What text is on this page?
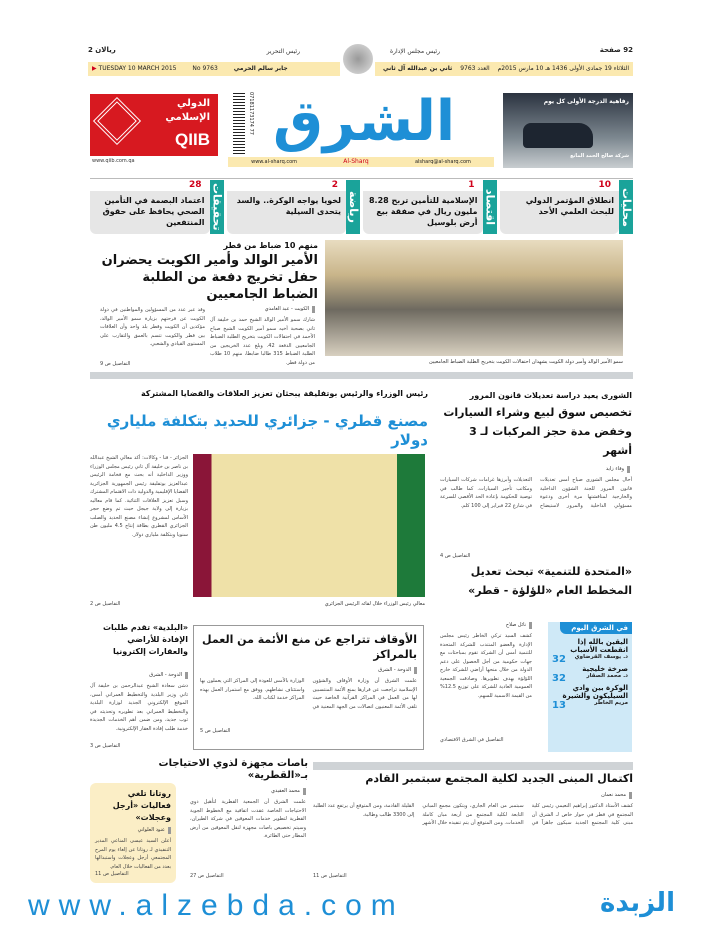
92 صفحة
ريالان 2	رئيس مجلس الإدارة
رئيس التحرير
الثلاثاء 19 جمادى الأولى 1436 هـ 10 مارس 2015م العدد 9763 ثاني بن عبدالله آل ثاني
▶ TUESDAY 10 MARCH 2015	No 9763	جابر سالم الحرمي
الدولي
الإسلامي
QIIB
www.qiib.com.qa
07181173174 77 الشرق
www.al-sharq.com	Al-Sharq	alsharq@al-sharq.com
رفاهية الدرجة الأولى كل يوم
شركة صالح الحمد المانع
محليات
10
انطلاق المؤتمر الدولي للبحث العلمي الأحد
اقتصاد
1
الإسلامية للتأمين تربح 8.28 مليون ريال في صفقة بيع أرض بلوسيل
رياضة
2
لخويا يواجه الوكرة.. والسد يتحدى السيلية
تحقيقات
28
اعتماد البصمة في التأمين الصحي يحافظ على حقوق المنتفعين
سمو الأمير الوالد وأمير دولة الكويت يشهدان احتفالات الكويت بتخريج الطلبة الضباط الجامعيين
منهم 10 ضباط من قطر
الأمير الوالد وأمير الكويت يحضران حفل تخريج دفعة من الطلبة الضباط الجامعيين
الكويت - عبد الغامدي
شارك سمو الأمير الوالد الشيخ حمد بن خليفة آل ثاني بصحبة أخيه سمو أمير الكويت الشيخ صباح الأحمد في احتفالات الكويت بتخريج الطلبة الضباط الجامعيين الدفعة 42. وبلغ عدد الخريجين من الطلبة الضباط 315 طالبا ضابطا، منهم 10 طلاب من دولة قطر.
وقد عبر عدد من المسؤولين والمواطنين في دولة الكويت عن فرحتهم بزيارة سمو الأمير الوالد، مؤكدين أن الكويت وقطر بلد واحد وأن العلاقات بين قطر والكويت تتسم بالعمق والتقارب على المستوى القيادي والشعبي.
التفاصيل ص 9
الشورى يعيد دراسة تعديلات قانون المرور
تخصيص سوق لبيع وشراء السيارات وخفض مدة حجز المركبات لـ 3 أشهر
وفاء زايد
أحال مجلس الشورى صباح أمس تعديلات قانون المرور للجنة الشؤون الداخلية والخارجية لمناقشتها مرة أخرى ودعوة مسؤولي الداخلية والمرور لاستيضاح التعديلات وأبرزها غرامات شركات السيارات ومكاتب تأجير السيارات. كما طالب في توصية للحكومة بإعادة الحد الأقصى للسرعة في شارع 22 فبراير إلى 100 كلم.
التفاصيل ص 4
رئيس الوزراء والرئيس بوتفليقة يبحثان تعزيز العلاقات والقضايا المشتركة
مصنع قطري - جزائري للحديد بتكلفة ملياري دولار
معالي رئيس الوزراء خلال لقائه الرئيس الجزائري
الجزائر - قنا - وكالات: أكد معالي الشيخ عبدالله بن ناصر بن خليفة آل ثاني رئيس مجلس الوزراء ووزير الداخلية أنه بحث مع فخامة الرئيس عبدالعزيز بوتفليقة رئيس الجمهورية الجزائرية القضايا الإقليمية والدولية ذات الاهتمام المشترك وسبل تعزيز العلاقات الثنائية. كما قام معاليه بزيارة إلى ولاية جيجل حيث تم وضع حجر الأساس لمشروع إنشاء مصنع الحديد والصلب الجزائري القطري بطاقة إنتاج 4.5 مليون طن سنويا وبتكلفة ملياري دولار.
التفاصيل ص 2
«المتحدة للتنمية» تبحث تعديل المخطط العام «للؤلؤة - قطر»
نائل صلاح
كشف السيد تركي الخاطر رئيس مجلس الإدارة والعضو المنتدب للشركة المتحدة للتنمية أمس أن الشركة تقوم بمباحثات مع جهات حكومية من أجل الحصول على دعم الدولة من خلال منحها أراضي للشركة خارج اللؤلؤة بهدف تطويرها. وصادقت الجمعية العمومية العادية للشركة على توزيع 12.5% من القيمة الاسمية للسهم.
التفاصيل في الشرق الاقتصادي
في الشرق اليوم
اليقين بالله إذا انقطعت الأسباب
32 د. يوسف القرضاوي
صرخة خليجية
32	د. محمد الصقار
الوكرة بين وادي السيليكون والشيرة
13	مريم الخاطر
الأوقاف تتراجع عن منع الأئمة من العمل بالمراكز
الدوحة - الشرق
علمت الشرق أن وزارة الأوقاف والشؤون الإسلامية تراجعت عن قرارها بمنع الأئمة المنتسبين لها من العمل في المراكز القرآنية الخاصة حيث تلقى الأئمة المعنيون اتصالات من الجهة المعنية في الوزارة بالأمس للعودة إلى المراكز التي يعملون بها واستئناف نشاطهم. ووفق مع استمرار العمل بهذه المراكز خدمة لكتاب الله.
التفاصيل ص 5
«البلدية» تقدم طلبات الإفادة للأراضي والعقارات إلكترونيا
الدوحة - الشرق
دشن سعادة الشيخ عبدالرحمن بن خليفة آل ثاني وزير البلدية والتخطيط العمراني أمس، الموقع الإلكتروني الجديد لوزارة البلدية والتخطيط العمراني بعد تطويره وتحديثه في ثوب جديد، ومن ضمن أهم الخدمات الجديدة خدمة طلب إفادة العقار الإلكترونية.
التفاصيل ص 3
باصات مجهزة لذوي الاحتياجات بـ«القطرية»	اكتمال المبنى الجديد لكلية المجتمع سبتمبر القادم
محمد نعمان
كشف الأستاذ الدكتور إبراهيم النعيمي رئيس كلية المجتمع في قطر في حوار خاص لـ الشرق أن مبنى كلية المجتمع الجديد سيكون جاهزاً في سبتمبر من العام الجاري، ويتكون مجمع المباني التابعة لكلية المجتمع من أربعة مبان كاملة الخدمات. ومن المتوقع أن يتم تنفيذه خلال الأشهر القليلة القادمة، ومن المتوقع أن يرتفع عدد الطلبة إلى 3300 طالب وطالبة.
التفاصيل ص 11
محمد العقيدي
علمت الشرق أن الجمعية القطرية لتأهيل ذوي الاحتياجات الخاصة عقدت اتفاقية مع الخطوط الجوية القطرية لتطوير خدمات المعوقين في شركة الطيران، وسيتم تخصيص باصات مجهزة لنقل المعوقين من أرض المطار حتى الطائرة.
التفاصيل ص 27
روتانا تلغي فعاليات «أرجل وعجلات»
عنود العلواني
أعلن السيد عيسى المناعي المدير التنفيذي لـ روتانا عن إلغاء يوم المرح المجتمعي أرجل وعجلات واستبدالها بعدد من الفعاليات خلال العام.
التفاصيل ص 11
www.alzebda.com	الزبدة
